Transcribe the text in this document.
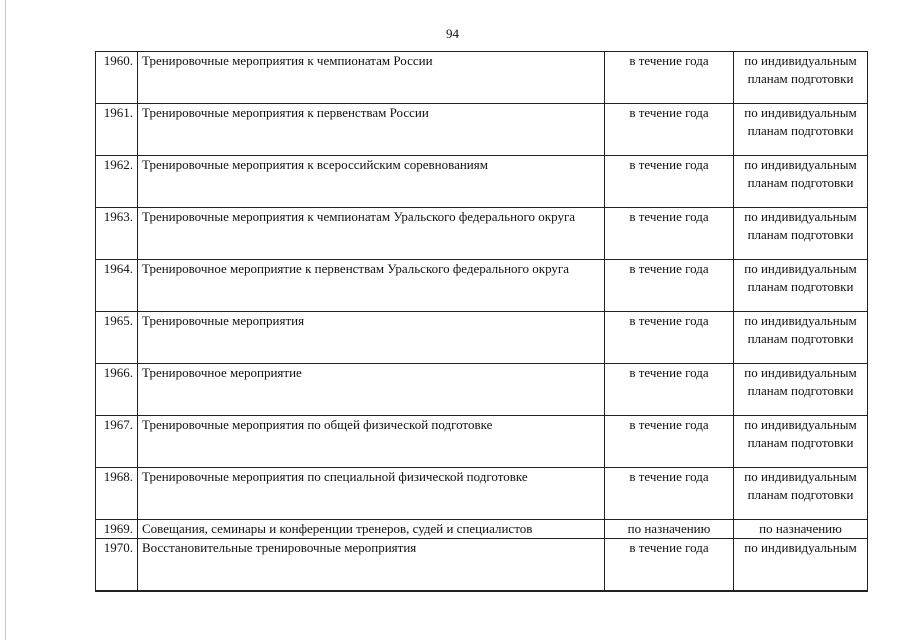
94
1960.	Тренировочные мероприятия к чемпионатам России	в течение года	по индивидуальным планам подготовки
1961.	Тренировочные мероприятия к первенствам России	в течение года	по индивидуальным планам подготовки
1962.	Тренировочные мероприятия к всероссийским соревнованиям	в течение года	по индивидуальным планам подготовки
1963.	Тренировочные мероприятия к чемпионатам Уральского федерального округа	в течение года	по индивидуальным планам подготовки
1964.	Тренировочное мероприятие к первенствам Уральского федерального округа	в течение года	по индивидуальным планам подготовки
1965.	Тренировочные мероприятия	в течение года	по индивидуальным планам подготовки
1966.	Тренировочное мероприятие	в течение года	по индивидуальным планам подготовки
1967.	Тренировочные мероприятия по общей физической подготовке	в течение года	по индивидуальным планам подготовки
1968.	Тренировочные мероприятия по специальной физической подготовке	в течение года	по индивидуальным планам подготовки
1969.	Совещания, семинары и конференции тренеров, судей и специалистов	по назначению	по назначению
1970.	Восстановительные тренировочные мероприятия	в течение года	по индивидуальным
